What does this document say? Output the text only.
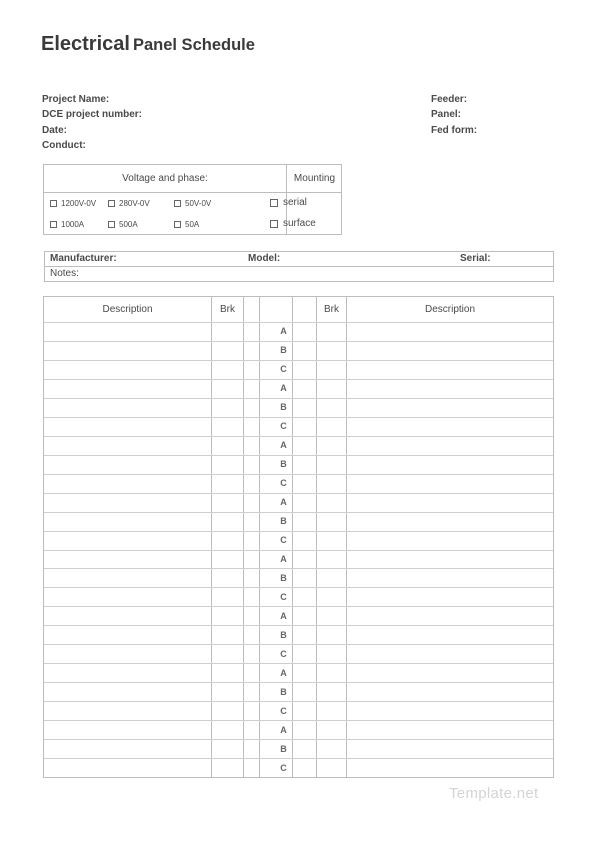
Electrical Panel Schedule
Project Name:
DCE project number:
Date:
Conduct:
Feeder:
Panel:
Fed form:
Voltage and phase:	Mounting
1200V-0V	280V-0V	50V-0V
1000A	500A	50A
serial
surface
Manufacturer:	Model:	Serial:
Notes:
Description	Brk	Brk	Description
A
B
C
A
B
C
A
B
C
A
B
C
A
B
C
A
B
C
A
B
C
A
B
C
Template.net
